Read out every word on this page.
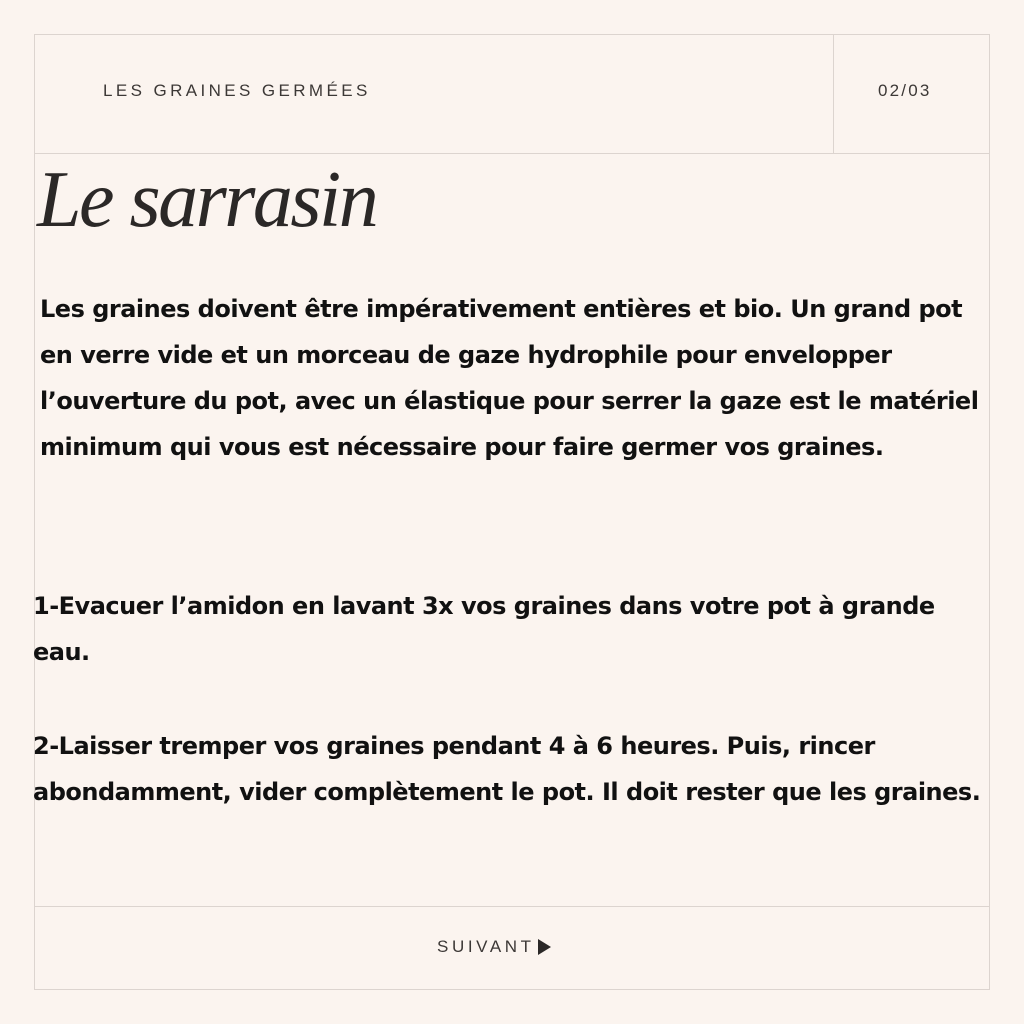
LES GRAINES GERMÉES	02/03
Le sarrasin

Les graines doivent être impérativement entières et bio. Un grand pot en verre vide et un morceau de gaze hydrophile pour envelopper l’ouverture du pot, avec un élastique pour serrer la gaze est le matériel minimum qui vous est nécessaire pour faire germer vos graines.

1-Evacuer l’amidon en lavant 3x vos graines dans votre pot à grande eau.

2-Laisser tremper vos graines pendant 4 à 6 heures. Puis, rincer abondamment, vider complètement le pot. Il doit rester que les graines.

SUIVANT
